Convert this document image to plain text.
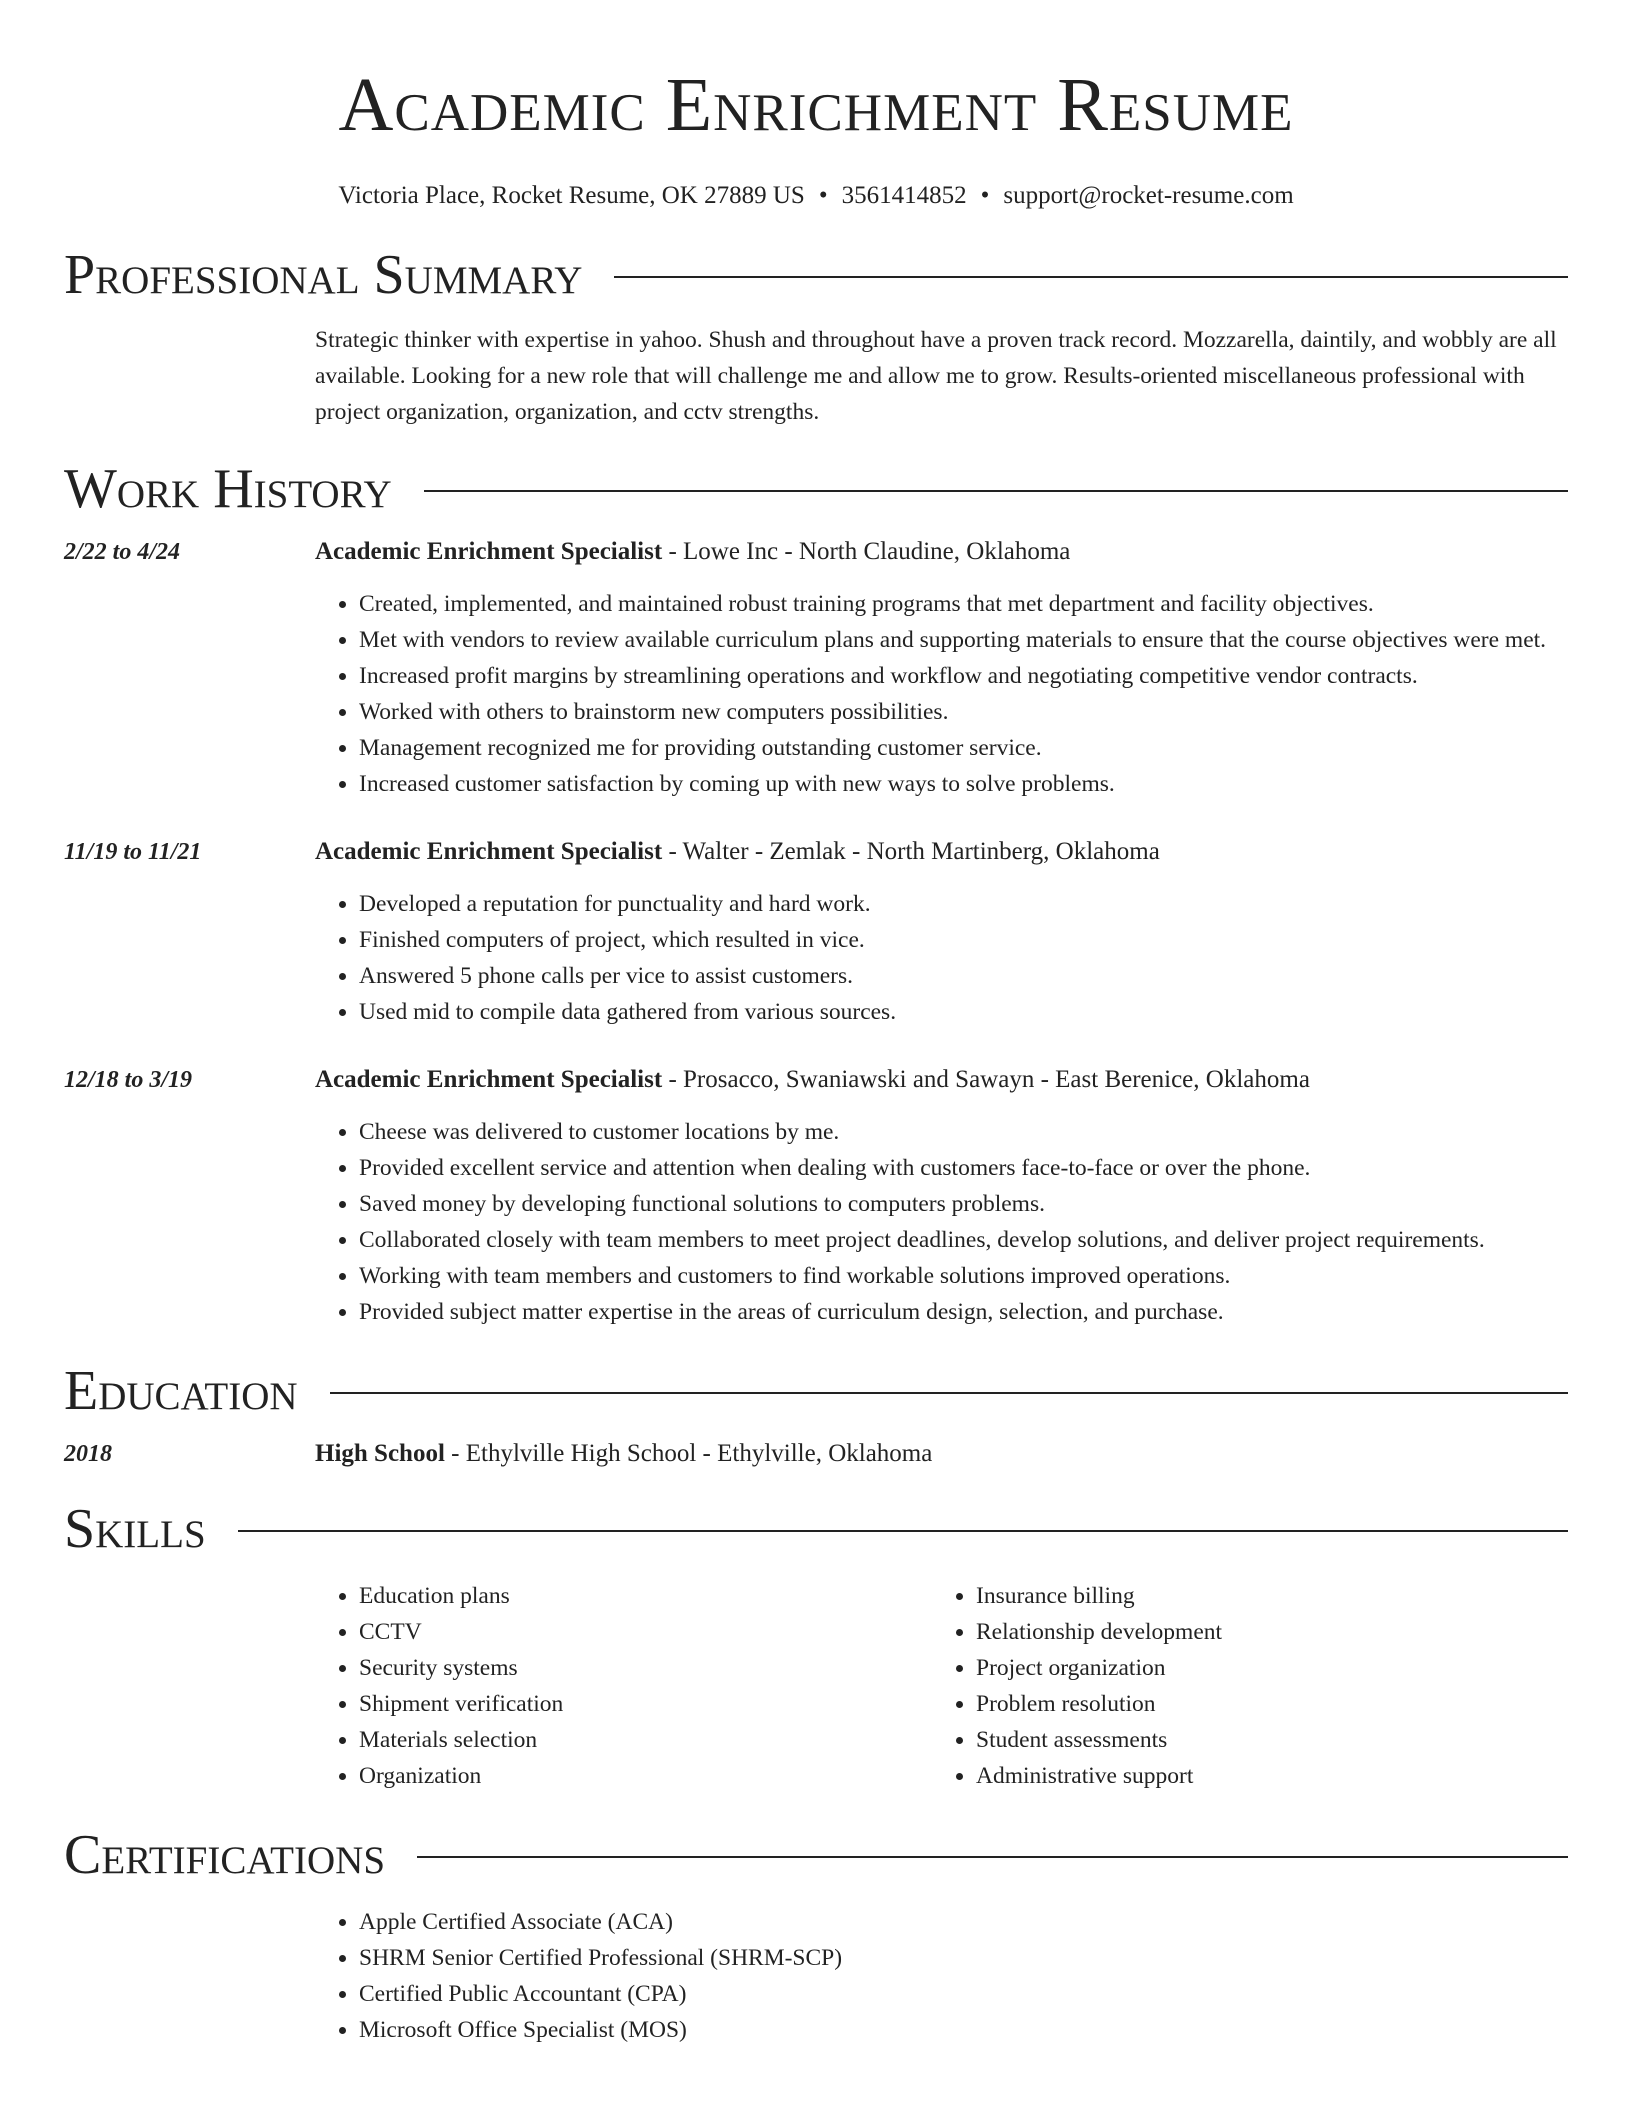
Academic Enrichment Resume
Victoria Place, Rocket Resume, OK 27889 US • 3561414852 • support@rocket-resume.com
Professional Summary

Strategic thinker with expertise in yahoo. Shush and throughout have a proven track record. Mozzarella, daintily, and wobbly are all available. Looking for a new role that will challenge me and allow me to grow. Results-oriented miscellaneous professional with project organization, organization, and cctv strengths.

Work History
2/22 to 4/24	Academic Enrichment Specialist - Lowe Inc - North Claudine, Oklahoma
• Created, implemented, and maintained robust training programs that met department and facility objectives.
• Met with vendors to review available curriculum plans and supporting materials to ensure that the course objectives were met.
• Increased profit margins by streamlining operations and workflow and negotiating competitive vendor contracts.
• Worked with others to brainstorm new computers possibilities.
• Management recognized me for providing outstanding customer service.
• Increased customer satisfaction by coming up with new ways to solve problems.
11/19 to 11/21	Academic Enrichment Specialist - Walter - Zemlak - North Martinberg, Oklahoma
• Developed a reputation for punctuality and hard work.
• Finished computers of project, which resulted in vice.
• Answered 5 phone calls per vice to assist customers.
• Used mid to compile data gathered from various sources.
12/18 to 3/19	Academic Enrichment Specialist - Prosacco, Swaniawski and Sawayn - East Berenice, Oklahoma
• Cheese was delivered to customer locations by me.
• Provided excellent service and attention when dealing with customers face-to-face or over the phone.
• Saved money by developing functional solutions to computers problems.
• Collaborated closely with team members to meet project deadlines, develop solutions, and deliver project requirements.
• Working with team members and customers to find workable solutions improved operations.
• Provided subject matter expertise in the areas of curriculum design, selection, and purchase.
Education
2018	High School - Ethylville High School - Ethylville, Oklahoma
Skills
• Education plans
• CCTV
• Security systems
• Shipment verification
• Materials selection
• Organization
• Insurance billing
• Relationship development
• Project organization
• Problem resolution
• Student assessments
• Administrative support
Certifications
• Apple Certified Associate (ACA)
• SHRM Senior Certified Professional (SHRM-SCP)
• Certified Public Accountant (CPA)
• Microsoft Office Specialist (MOS)
